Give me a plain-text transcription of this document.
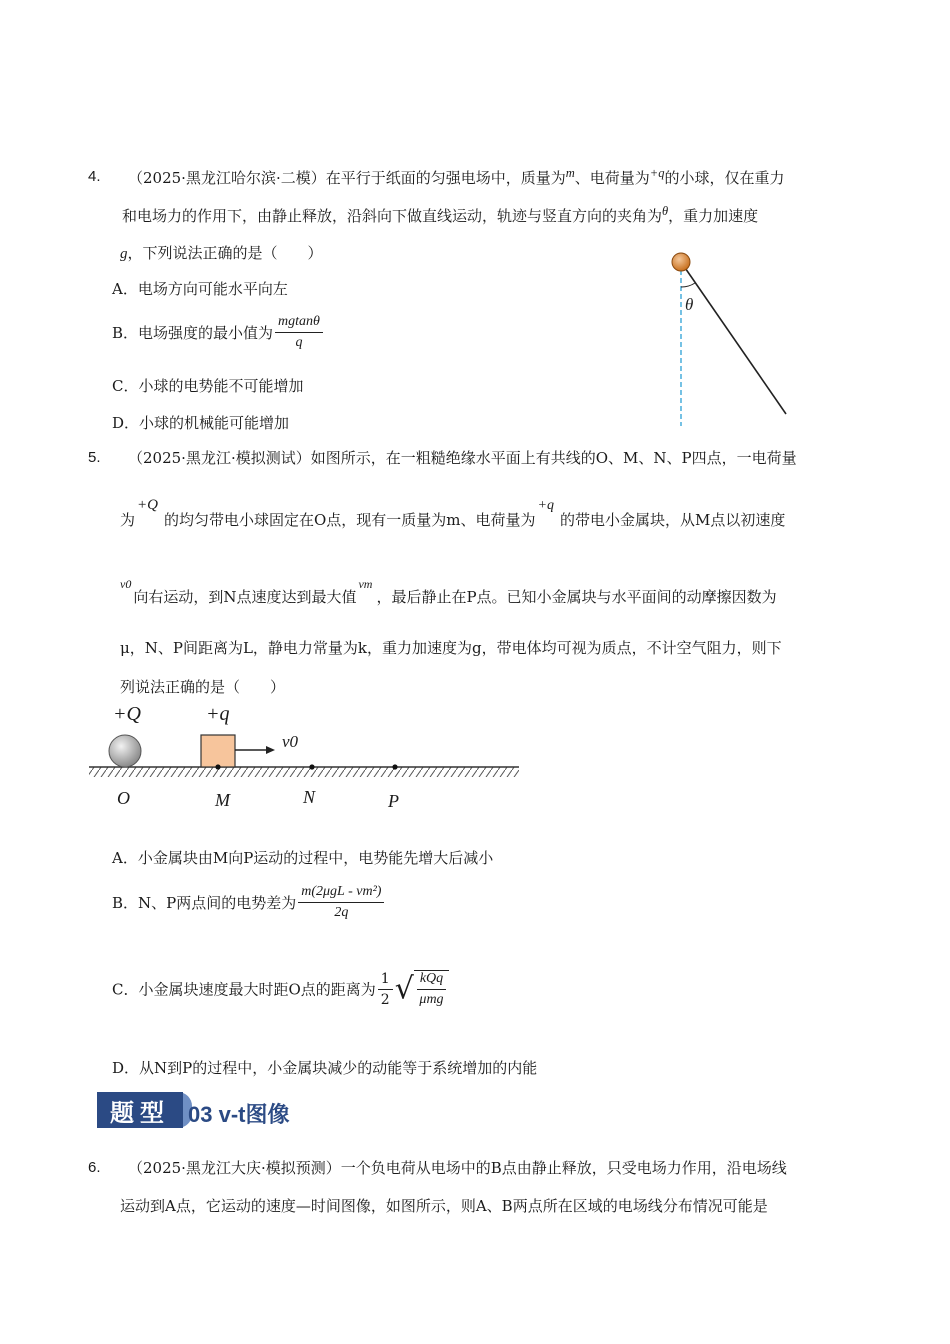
4. （2025·黑龙江哈尔滨·二模）在平行于纸面的匀强电场中，质量为$^m$、电荷量为$^{+q}$的小球，仅在重力
和电场力的作用下，由静止释放，沿斜向下做直线运动，轨迹与竖直方向的夹角为$^\theta$，重力加速度
g，下列说法正确的是（　　）
A．电场方向可能水平向左
B．电场强度的最小值为 $\frac{mgtan\theta}{q}$
C．小球的电势能不可能增加
D．小球的机械能可能增加
θ
5. （2025·黑龙江·模拟测试）如图所示，在一粗糙绝缘水平面上有共线的O、M、N、P四点，一电荷量
为+Q的均匀带电小球固定在O点，现有一质量为m、电荷量为+q的带电小金属块，从M点以初速度
v0向右运动，到N点速度达到最大值vm，最后静止在P点。已知小金属块与水平面间的动摩擦因数为
μ，N、P间距离为L，静电力常量为k，重力加速度为g，带电体均可视为质点，不计空气阻力，则下
列说法正确的是（　　）
+Q	+q
v0
O	M	N	P
A．小金属块由M向P运动的过程中，电势能先增大后减小
B．N、P两点间的电势差为 $\frac{\text{m(2μgL - vm²)}}{2q}$
C．小金属块速度最大时距O点的距离为 $\frac{1}{2}$ √ $\frac{\text{kQq}}{\text{μmg}}$
D．从N到P的过程中，小金属块减少的动能等于系统增加的内能
题型 03 v-t图像
6. （2025·黑龙江大庆·模拟预测）一个负电荷从电场中的B点由静止释放，只受电场力作用，沿电场线
运动到A点，它运动的速度—时间图像，如图所示，则A、B两点所在区域的电场线分布情况可能是
